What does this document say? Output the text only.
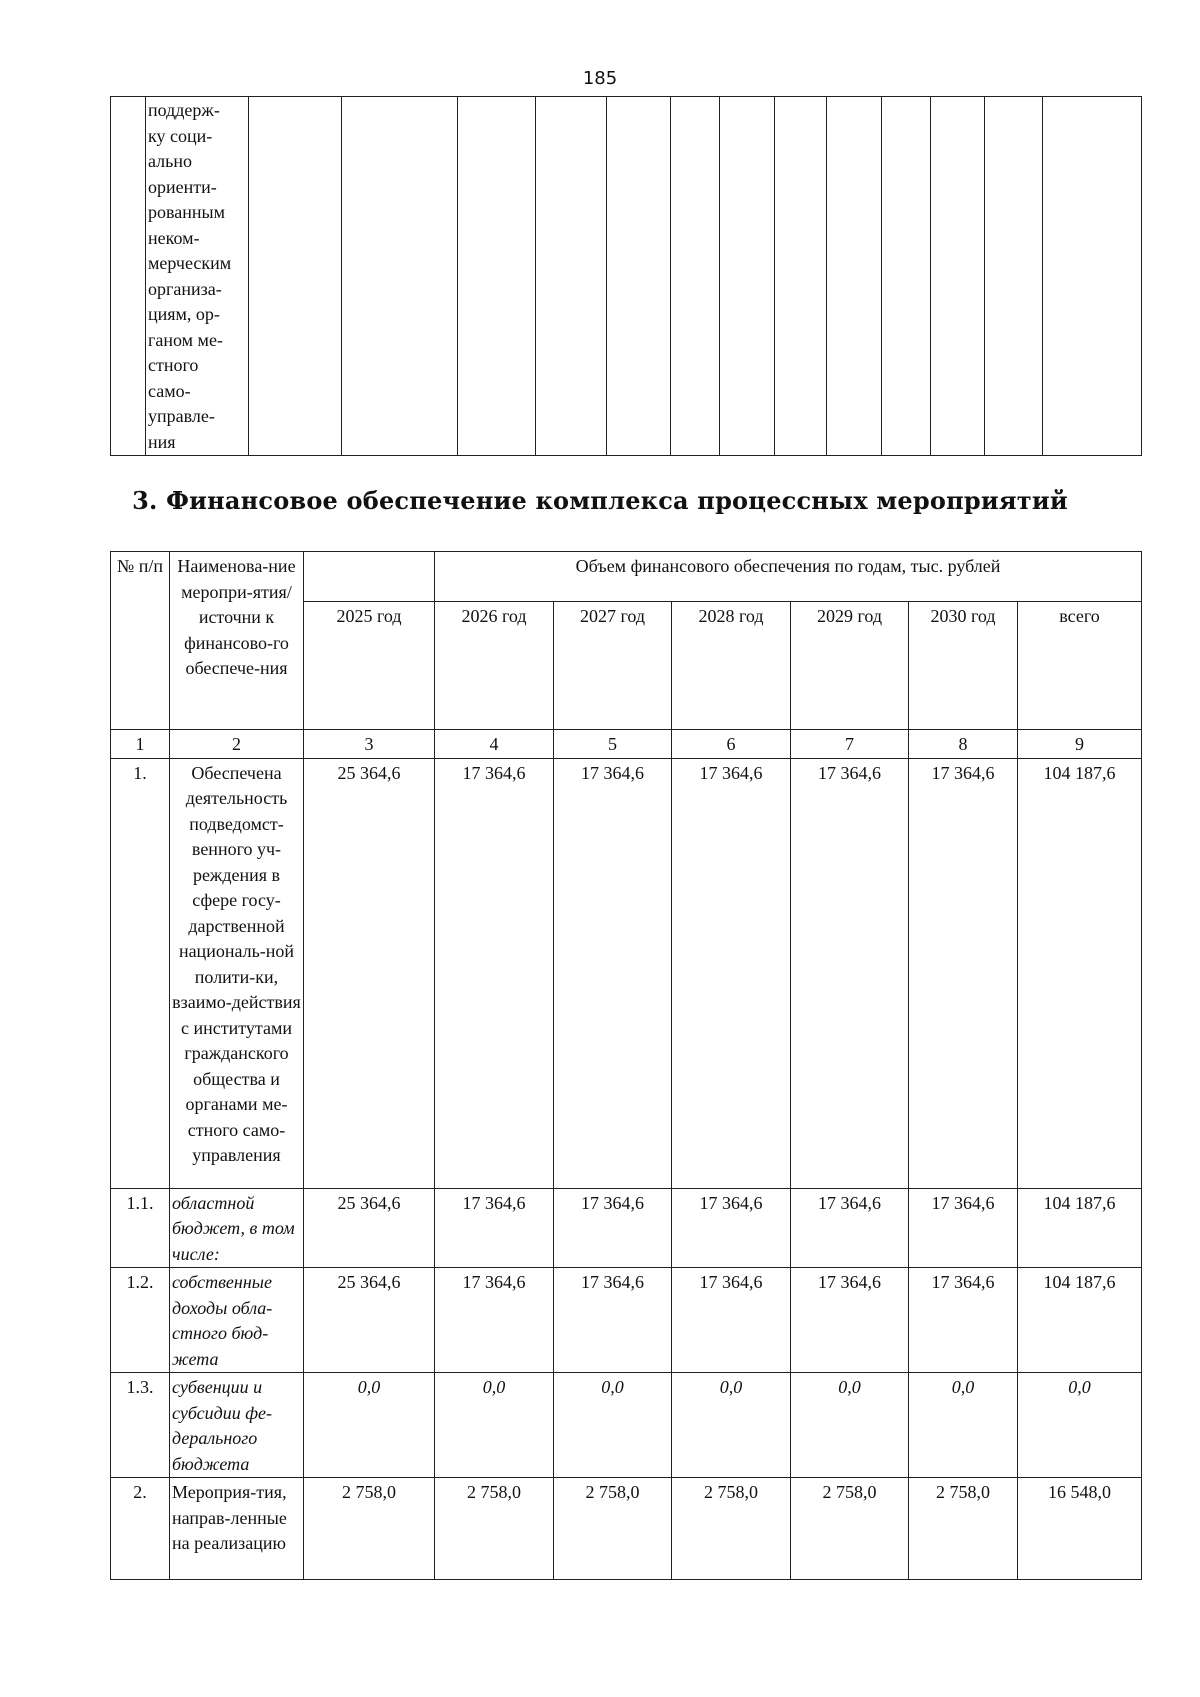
185

поддерж-
ку соци-
ально
ориенти-
рованным
неком-
мерческим
организа-
циям, ор-
ганом ме-
стного
само-
управле-
ния

3. Финансовое обеспечение комплекса процессных мероприятий
№ п/п	Наименова-ние меропри-ятия/источни к финансово-го обеспече-ния		Объем финансового обеспечения по годам, тыс. рублей					
		2025 год	2026 год	2027 год	2028 год	2029 год	2030 год	всего
1	2	3	4	5	6	7	8	9
1.	Обеспечена деятельность подведомст-венного уч-реждения в сфере госу-дарственной националь-ной полити-ки, взаимо-действия с институтами гражданского общества и органами ме-стного само-управления	25 364,6	17 364,6	17 364,6	17 364,6	17 364,6	17 364,6	104 187,6
1.1.	областной бюджет, в том числе:	25 364,6	17 364,6	17 364,6	17 364,6	17 364,6	17 364,6	104 187,6
1.2.	собственные доходы обла-стного бюд-жета	25 364,6	17 364,6	17 364,6	17 364,6	17 364,6	17 364,6	104 187,6
1.3.	субвенции и субсидии фе-дерального бюджета	0,0	0,0	0,0	0,0	0,0	0,0	0,0
2.	Мероприя-тия, направ-ленные на реализацию	2 758,0	2 758,0	2 758,0	2 758,0	2 758,0	2 758,0	16 548,0
